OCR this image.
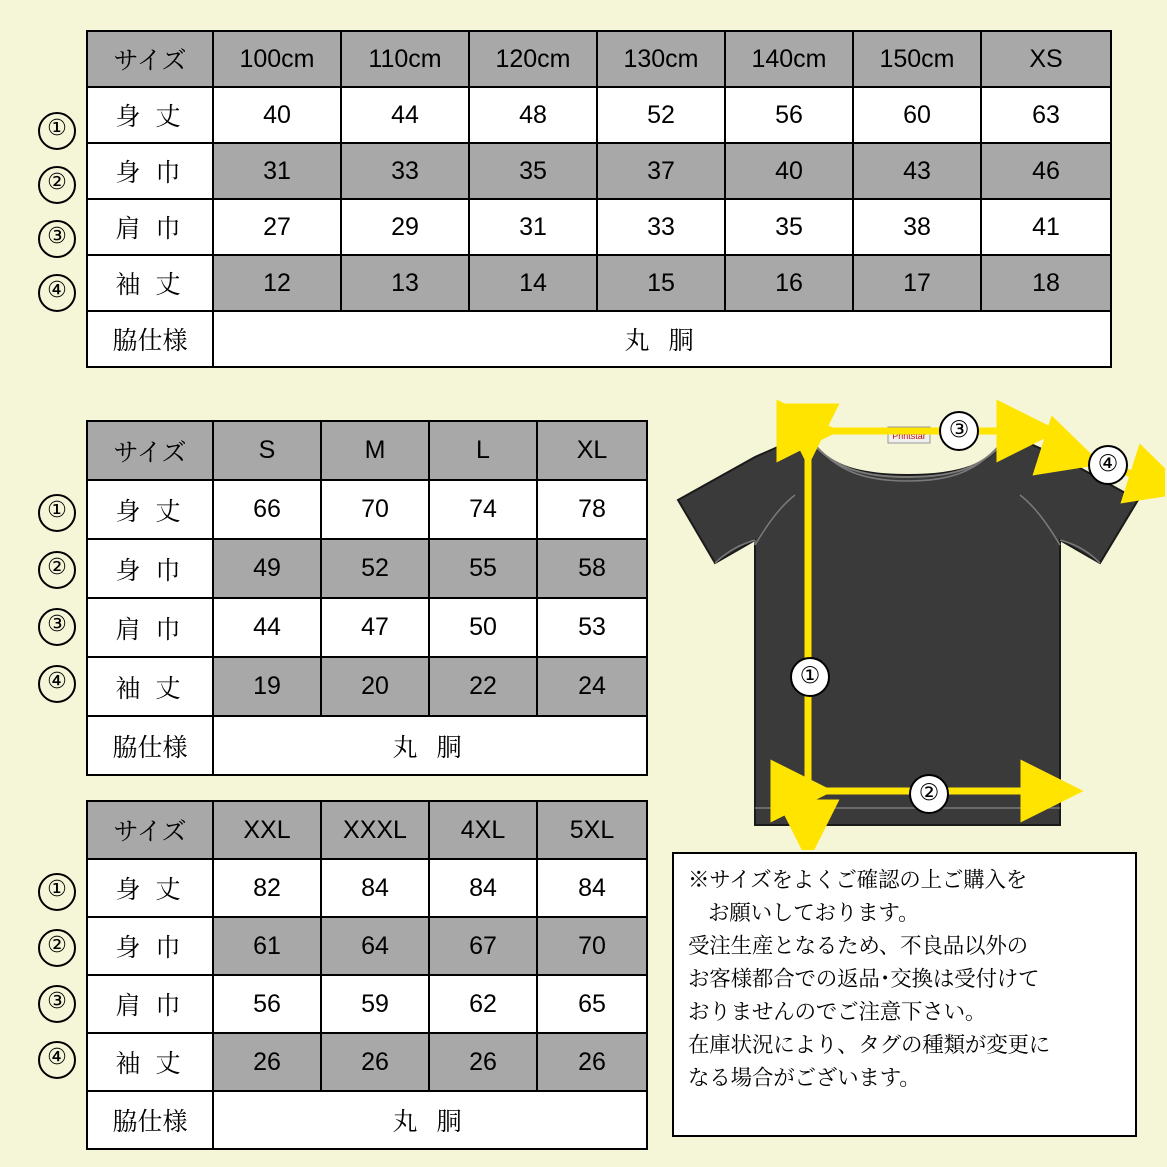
サイズ	100cm	110cm	120cm	130cm	140cm	150cm	XS
身 丈	40	44	48	52	56	60	63
身 巾	31	33	35	37	40	43	46
肩 巾	27	29	31	33	35	38	41
袖 丈	12	13	14	15	16	17	18
脇仕様	丸 胴						
①
②
③
④
サイズ	S	M	L	XL
身 丈	66	70	74	78
身 巾	49	52	55	58
肩 巾	44	47	50	53
袖 丈	19	20	22	24
脇仕様	丸 胴			
①
②
③
④
サイズ	XXL	XXXL	4XL	5XL
身 丈	82	84	84	84
身 巾	61	64	67	70
肩 巾	56	59	62	65
袖 丈	26	26	26	26
脇仕様	丸 胴			
①
②
③
④
Printstar ③
④
①
②
※サイズをよくご確認の上ご購入を
お願いしております。
受注生産となるため、不良品以外の
お客様都合での返品･交換は受付けて
おりませんのでご注意下さい。
在庫状況により、タグの種類が変更に
なる場合がございます。
